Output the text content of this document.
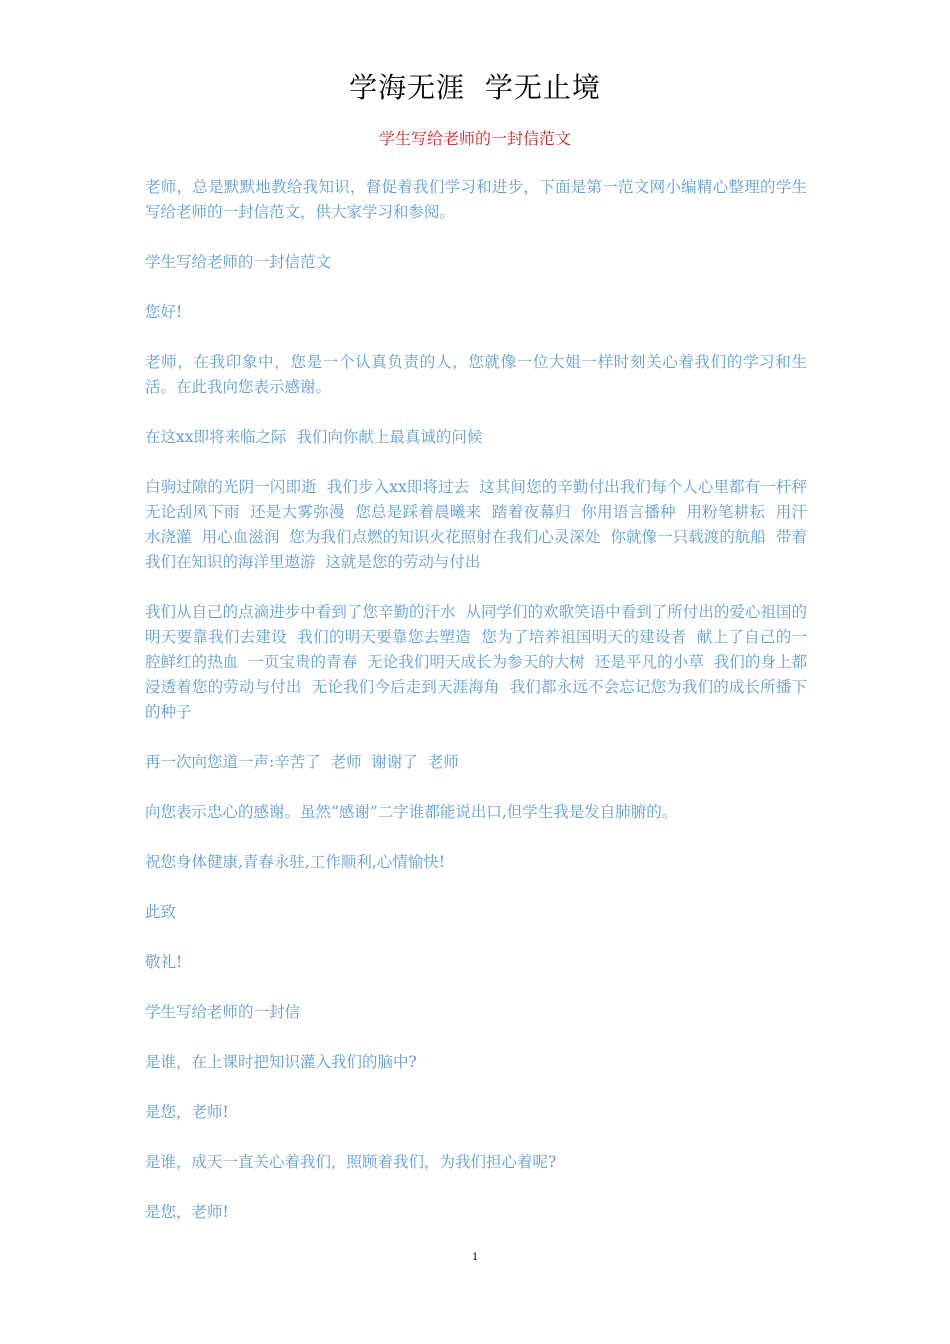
学海无涯  学无止境
学生写给老师的一封信范文

老师，总是默默地教给我知识，督促着我们学习和进步，下面是第一范文网小编精心整理的学生写给老师的一封信范文，供大家学习和参阅。

学生写给老师的一封信范文

您好!

老师，在我印象中，您是一个认真负责的人，您就像一位大姐一样时刻关心着我们的学习和生活。在此我向您表示感谢。

在这xx即将来临之际  我们向你献上最真诚的问候

白驹过隙的光阴一闪即逝  我们步入xx即将过去  这其间您的辛勤付出我们每个人心里都有一杆秤  无论刮风下雨  还是大雾弥漫  您总是踩着晨曦来  踏着夜幕归  你用语言播种  用粉笔耕耘  用汗水浇灌  用心血滋润  您为我们点燃的知识火花照射在我们心灵深处  你就像一只载渡的航船  带着我们在知识的海洋里遨游  这就是您的劳动与付出

我们从自己的点滴进步中看到了您辛勤的汗水  从同学们的欢歌笑语中看到了所付出的爱心祖国的明天要靠我们去建设  我们的明天要靠您去塑造  您为了培养祖国明天的建设者  献上了自己的一腔鲜红的热血  一页宝贵的青春  无论我们明天成长为参天的大树  还是平凡的小草  我们的身上都浸透着您的劳动与付出  无论我们今后走到天涯海角  我们都永远不会忘记您为我们的成长所播下的种子

再一次向您道一声:辛苦了  老师  谢谢了  老师

向您表示忠心的感谢。虽然“感谢”二字谁都能说出口,但学生我是发自肺腑的。

祝您身体健康,青春永驻,工作顺利,心情愉快!

此致

敬礼!

学生写给老师的一封信

是谁，在上课时把知识灌入我们的脑中?

是您，老师!

是谁，成天一直关心着我们，照顾着我们，为我们担心着呢?

是您，老师!

1
